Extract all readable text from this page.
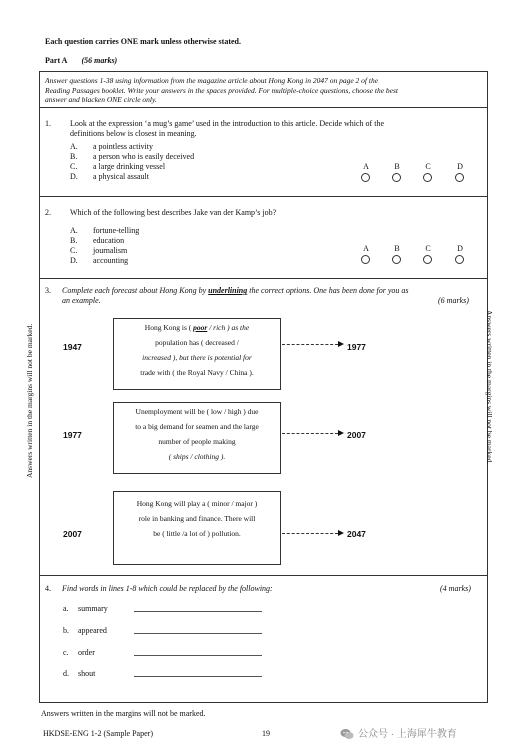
Each question carries ONE mark unless otherwise stated.
Part A (56 marks)
Answer questions 1-38 using information from the magazine article about Hong Kong in 2047 on page 2 of the
Reading Passages booklet. Write your answers in the spaces provided. For multiple-choice questions, choose the best
answer and blacken ONE circle only.
1. Look at the expression ‘a mug’s game’ used in the introduction to this article. Decide which of the
definitions below is closest in meaning.
A.	a pointless activity
B.	a person who is easily deceived
C.	a large drinking vessel
D.	a physical assault
A	B	C	D
2. Which of the following best describes Jake van der Kamp’s job?
A.	fortune-telling
B.	education
C.	journalism
D.	accounting
A	B	C	D
3. Complete each forecast about Hong Kong by underlining the correct options. One has been done for you as
an example.	(6 marks)
1947
Hong Kong is ( poor / rich ) as the
population has ( decreased /
increased ), but there is potential for
trade with ( the Royal Navy / China ).
1977
1977
Unemployment will be ( low / high ) due
to a big demand for seamen and the large
number of people making
( ships / clothing ).
2007
2007
Hong Kong will play a ( minor / major )
role in banking and finance. There will
be ( little /a lot of ) pollution.	2047
4. Find words in lines 1-8 which could be replaced by the following:	(4 marks)
a. summary
b. appeared
c. order
d. shout
Answers written in the margins will not be marked.	Answers written in the margins will not be marked.
Answers written in the margins will not be marked.
HKDSE-ENG 1-2 (Sample Paper)	19	公众号 · 上海犀牛教育
